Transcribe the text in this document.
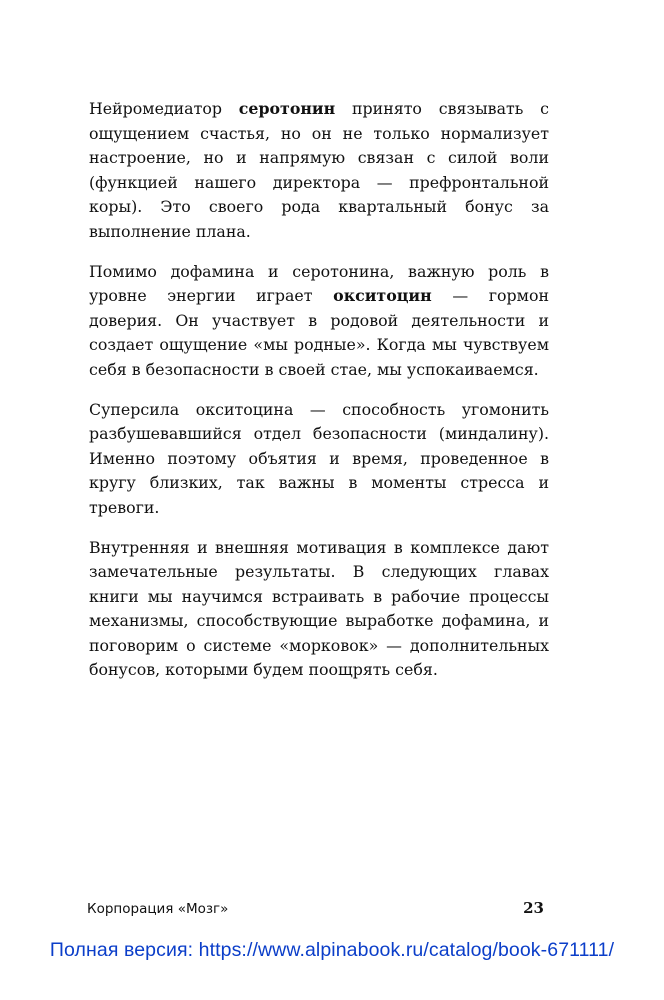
Нейромедиатор серотонин принято связывать с ощущением счастья, но он не только нормализует настроение, но и напрямую связан с силой воли (функцией нашего директора — префронтальной коры). Это своего рода квартальный бонус за выполнение плана.

Помимо дофамина и серотонина, важную роль в уровне энергии играет окситоцин — гормон доверия. Он участвует в родовой деятельности и создает ощущение «мы родные». Когда мы чувствуем себя в безопасности в своей стае, мы успокаиваемся.

Суперсила окситоцина — способность угомонить разбушевавшийся отдел безопасности (миндалину). Именно поэтому объятия и время, проведенное в кругу близких, так важны в моменты стресса и тревоги.

Внутренняя и внешняя мотивация в комплексе дают замечательные результаты. В следующих главах книги мы научимся встраивать в рабочие процессы механизмы, способствующие выработке дофамина, и поговорим о системе «морковок» — дополнительных бонусов, которыми будем поощрять себя.

Корпорация «Мозг»	23
Полная версия: https://www.alpinabook.ru/catalog/book-671111/
